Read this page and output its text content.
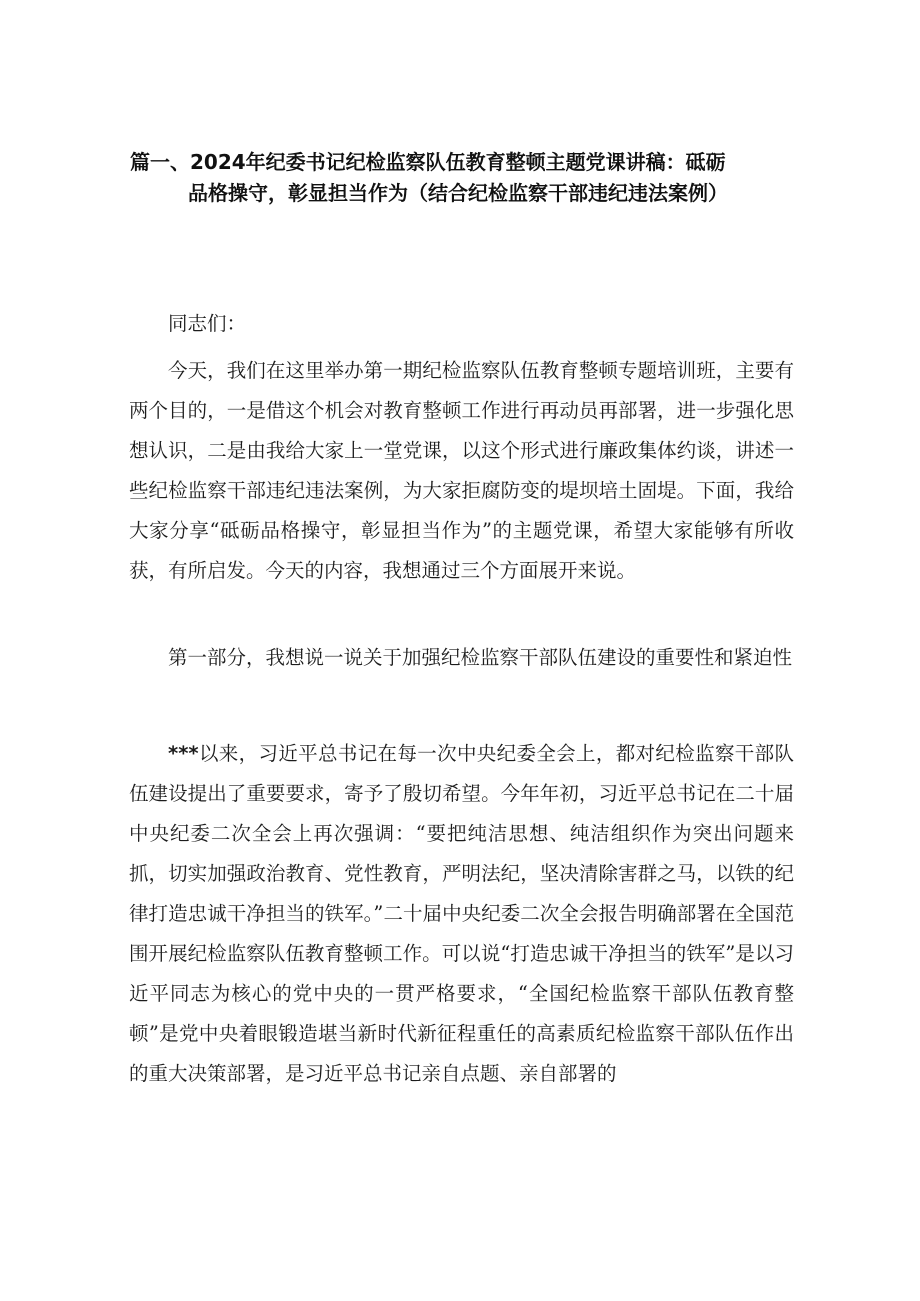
篇一、2024年纪委书记纪检监察队伍教育整顿主题党课讲稿：砥砺
品格操守，彰显担当作为（结合纪检监察干部违纪违法案例）

同志们：

今天，我们在这里举办第一期纪检监察队伍教育整顿专题培训班，主要有两个目的，一是借这个机会对教育整顿工作进行再动员再部署，进一步强化思想认识，二是由我给大家上一堂党课，以这个形式进行廉政集体约谈，讲述一些纪检监察干部违纪违法案例，为大家拒腐防变的堤坝培土固堤。下面，我给大家分享“砥砺品格操守，彰显担当作为”的主题党课，希望大家能够有所收获，有所启发。今天的内容，我想通过三个方面展开来说。

第一部分，我想说一说关于加强纪检监察干部队伍建设的重要性和紧迫性

***以来，习近平总书记在每一次中央纪委全会上，都对纪检监察干部队伍建设提出了重要要求，寄予了殷切希望。今年年初，习近平总书记在二十届中央纪委二次全会上再次强调：“要把纯洁思想、纯洁组织作为突出问题来抓，切实加强政治教育、党性教育，严明法纪，坚决清除害群之马，以铁的纪律打造忠诚干净担当的铁军。”二十届中央纪委二次全会报告明确部署在全国范围开展纪检监察队伍教育整顿工作。可以说“打造忠诚干净担当的铁军”是以习近平同志为核心的党中央的一贯严格要求，“全国纪检监察干部队伍教育整顿”是党中央着眼锻造堪当新时代新征程重任的高素质纪检监察干部队伍作出的重大决策部署，是习近平总书记亲自点题、亲自部署的
